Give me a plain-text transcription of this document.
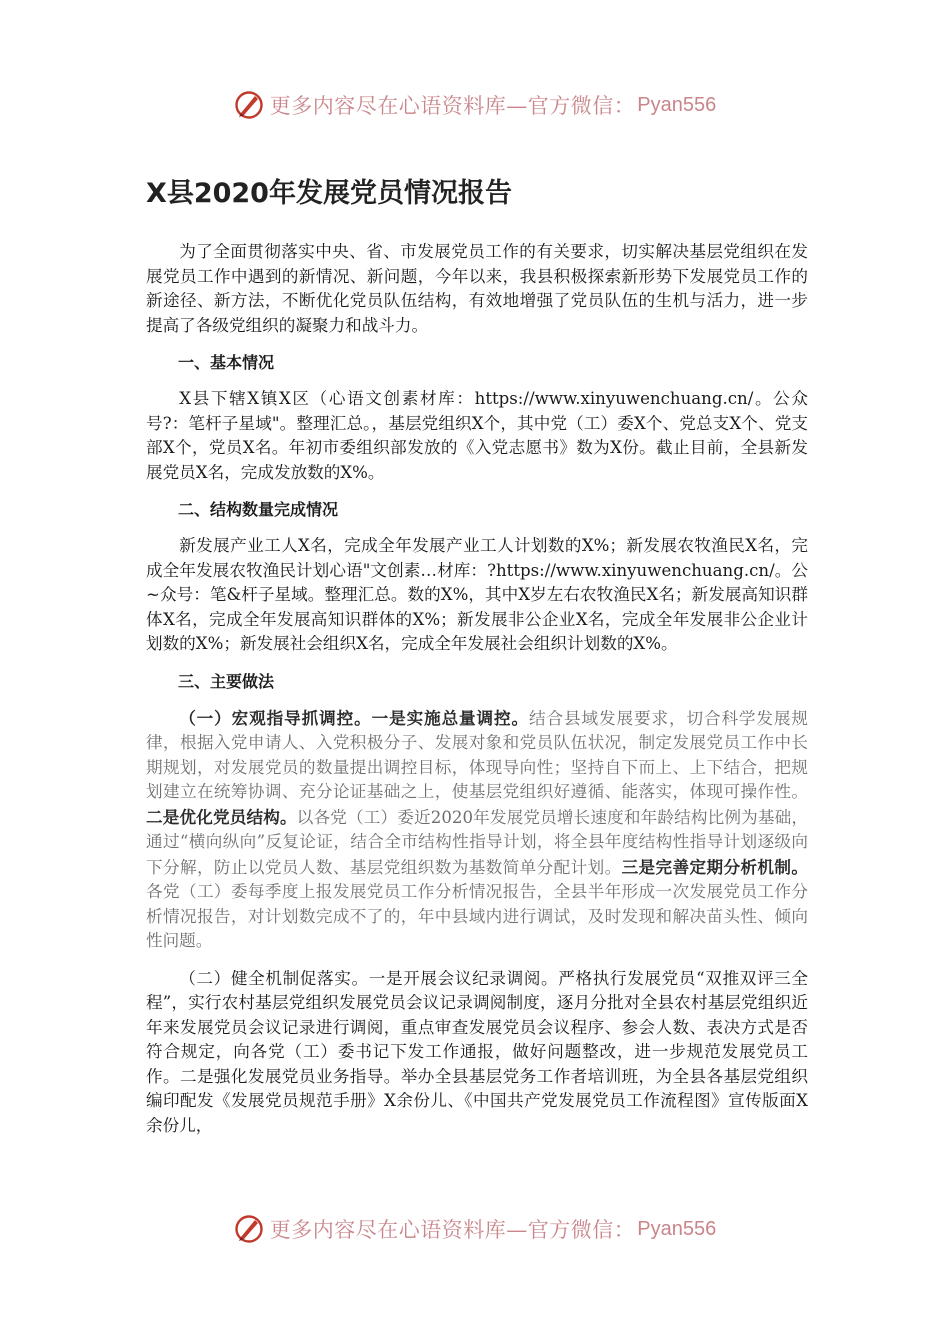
更多内容尽在心语资料库—官方微信： Pyan556
X县2020年发展党员情况报告

为了全面贯彻落实中央、省、市发展党员工作的有关要求，切实解决基层党组织在发展党员工作中遇到的新情况、新问题，今年以来，我县积极探索新形势下发展党员工作的新途径、新方法，不断优化党员队伍结构，有效地增强了党员队伍的生机与活力，进一步提高了各级党组织的凝聚力和战斗力。

一、基本情况

X县下辖X镇X区（心语文创素材库：https://www.xinyuwenchuang.cn/。公众号?：笔杆子星域"。整理汇总。，基层党组织X个，其中党（工）委X个、党总支X个、党支部X个，党员X名。年初市委组织部发放的《入党志愿书》数为X份。截止目前，全县新发展党员X名，完成发放数的X%。

二、结构数量完成情况

新发展产业工人X名，完成全年发展产业工人计划数的X%；新发展农牧渔民X名，完成全年发展农牧渔民计划心语"文创素…材库：?https://www.xinyuwenchuang.cn/。公~众号：笔&杆子星域。整理汇总。数的X%，其中X岁左右农牧渔民X名；新发展高知识群体X名，完成全年发展高知识群体的X%；新发展非公企业X名，完成全年发展非公企业计划数的X%；新发展社会组织X名，完成全年发展社会组织计划数的X%。

三、主要做法

（一）宏观指导抓调控。一是实施总量调控。结合县域发展要求，切合科学发展规律，根据入党申请人、入党积极分子、发展对象和党员队伍状况，制定发展党员工作中长期规划，对发展党员的数量提出调控目标，体现导向性；坚持自下而上、上下结合，把规划建立在统筹协调、充分论证基础之上，使基层党组织好遵循、能落实，体现可操作性。二是优化党员结构。以各党（工）委近2020年发展党员增长速度和年龄结构比例为基础，通过“横向纵向”反复论证，结合全市结构性指导计划，将全县年度结构性指导计划逐级向下分解，防止以党员人数、基层党组织数为基数简单分配计划。三是完善定期分析机制。各党（工）委每季度上报发展党员工作分析情况报告，全县半年形成一次发展党员工作分析情况报告，对计划数完成不了的，年中县域内进行调试，及时发现和解决苗头性、倾向性问题。

（二）健全机制促落实。一是开展会议纪录调阅。严格执行发展党员“双推双评三全程”，实行农村基层党组织发展党员会议记录调阅制度，逐月分批对全县农村基层党组织近年来发展党员会议记录进行调阅，重点审查发展党员会议程序、参会人数、表决方式是否符合规定，向各党（工）委书记下发工作通报，做好问题整改，进一步规范发展党员工作。二是强化发展党员业务指导。举办全县基层党务工作者培训班，为全县各基层党组织编印配发《发展党员规范手册》X余份儿、《中国共产党发展党员工作流程图》宣传版面X余份儿，

更多内容尽在心语资料库—官方微信： Pyan556
